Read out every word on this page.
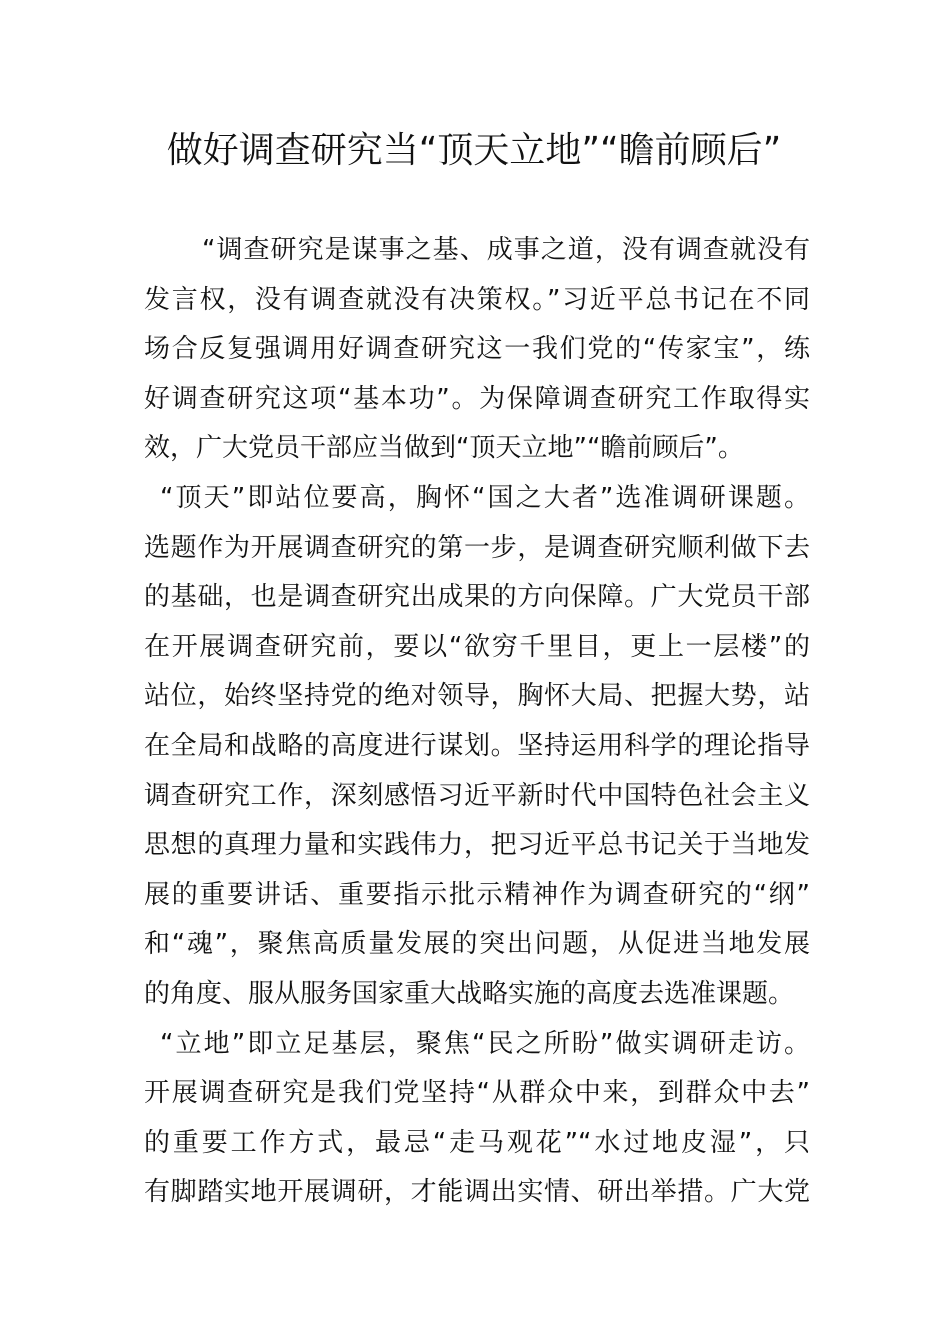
做好调查研究当“顶天立地”“瞻前顾后”
“调查研究是谋事之基、成事之道，没有调查就没有
发言权，没有调查就没有决策权。”习近平总书记在不同
场合反复强调用好调查研究这一我们党的“传家宝”，练
好调查研究这项“基本功”。为保障调查研究工作取得实
效，广大党员干部应当做到“顶天立地”“瞻前顾后”。
“顶天”即站位要高，胸怀“国之大者”选准调研课题。
选题作为开展调查研究的第一步，是调查研究顺利做下去
的基础，也是调查研究出成果的方向保障。广大党员干部
在开展调查研究前，要以“欲穷千里目，更上一层楼”的
站位，始终坚持党的绝对领导，胸怀大局、把握大势，站
在全局和战略的高度进行谋划。坚持运用科学的理论指导
调查研究工作，深刻感悟习近平新时代中国特色社会主义
思想的真理力量和实践伟力，把习近平总书记关于当地发
展的重要讲话、重要指示批示精神作为调查研究的“纲”
和“魂”，聚焦高质量发展的突出问题，从促进当地发展
的角度、服从服务国家重大战略实施的高度去选准课题。
“立地”即立足基层，聚焦“民之所盼”做实调研走访。
开展调查研究是我们党坚持“从群众中来，到群众中去”
的重要工作方式，最忌“走马观花”“水过地皮湿”，只
有脚踏实地开展调研，才能调出实情、研出举措。广大党
